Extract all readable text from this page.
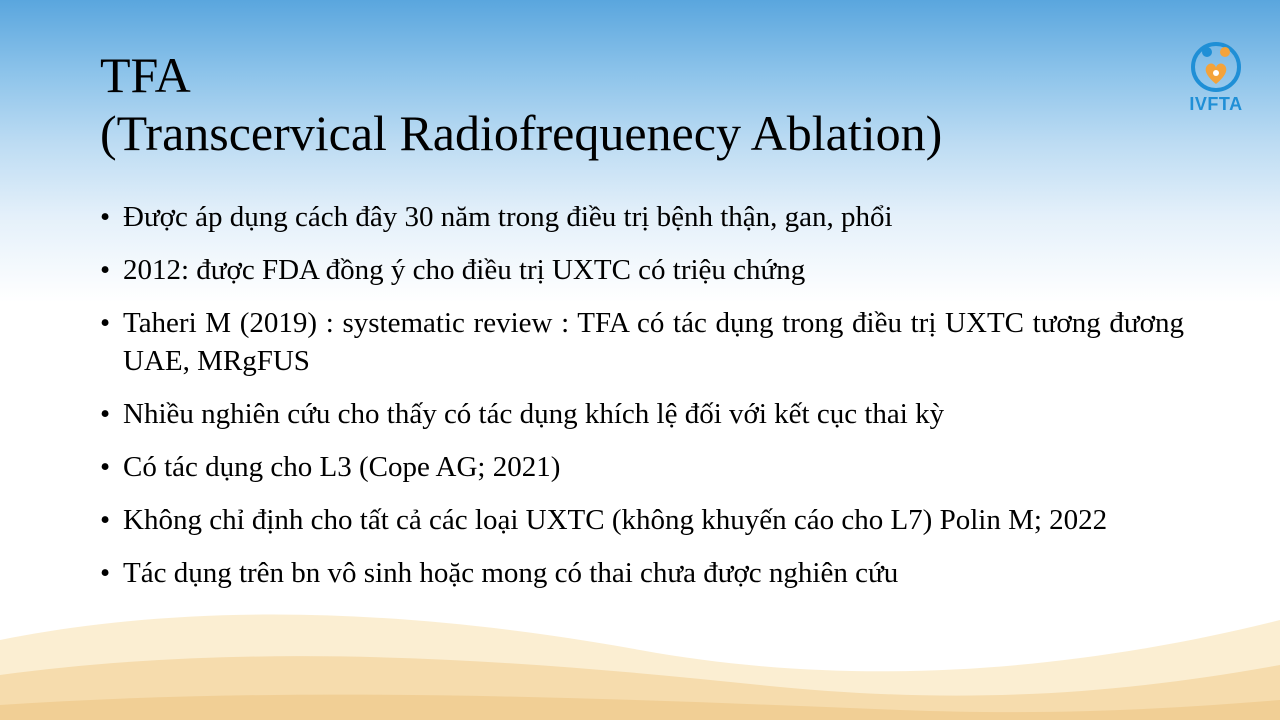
TFA
(Transcervical Radiofrequenecy Ablation)
IVFTA
• Được áp dụng cách đây 30 năm trong điều trị bệnh thận, gan, phổi
• 2012: được FDA đồng ý cho điều trị UXTC có triệu chứng
• Taheri M (2019) : systematic review : TFA có tác dụng trong điều trị UXTC tương đương UAE, MRgFUS
• Nhiều nghiên cứu cho thấy có tác dụng khích lệ đối với kết cục thai kỳ
• Có tác dụng cho L3 (Cope AG; 2021)
• Không chỉ định cho tất cả các loại UXTC (không khuyến cáo cho L7) Polin M; 2022
• Tác dụng trên bn vô sinh hoặc mong có thai chưa được nghiên cứu
